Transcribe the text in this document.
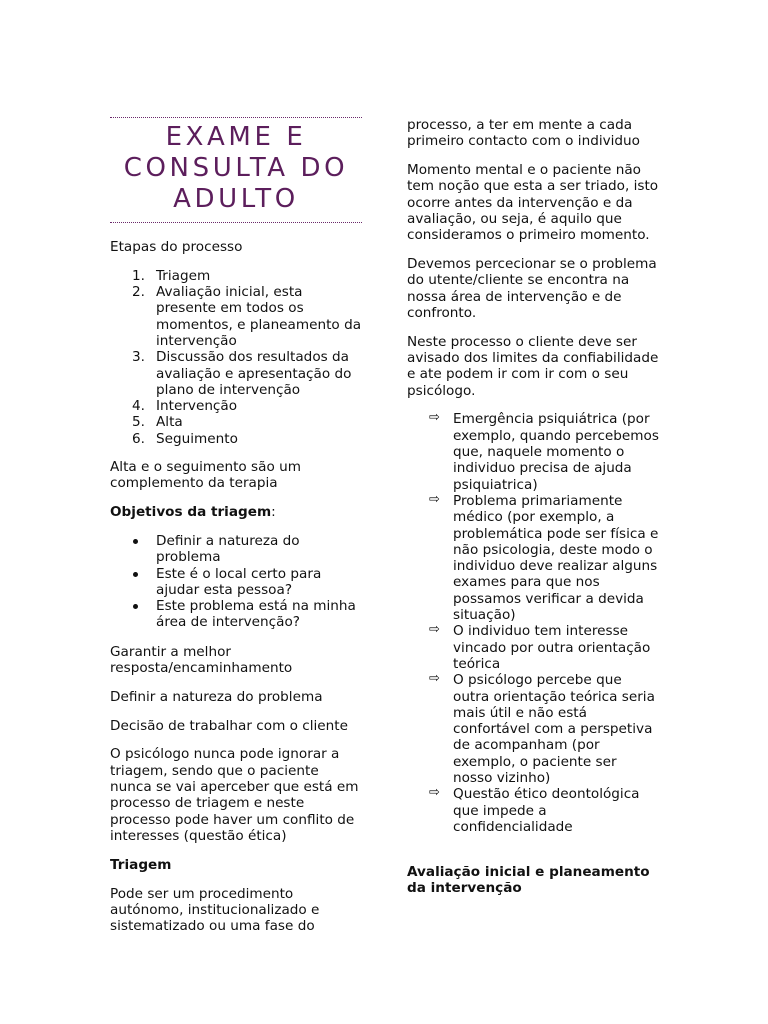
EXAME E
CONSULTA DO
ADULTO

Etapas do processo

1. Triagem
2. Avaliação inicial, esta presente em todos os momentos, e planeamento da intervenção
3. Discussão dos resultados da avaliação e apresentação do plano de intervenção
4. Intervenção
5. Alta
6. Seguimento

Alta e o seguimento são um complemento da terapia

Objetivos da triagem:

Definir a natureza do problema
Este é o local certo para ajudar esta pessoa?
Este problema está na minha área de intervenção?

Garantir a melhor resposta/encaminhamento

Definir a natureza do problema

Decisão de trabalhar com o cliente

O psicólogo nunca pode ignorar a triagem, sendo que o paciente nunca se vai aperceber que está em processo de triagem e neste processo pode haver um conflito de interesses (questão ética)

Triagem

Pode ser um procedimento autónomo, institucionalizado e sistematizado ou uma fase do

processo, a ter em mente a cada primeiro contacto com o individuo

Momento mental e o paciente não tem noção que esta a ser triado, isto ocorre antes da intervenção e da avaliação, ou seja, é aquilo que consideramos o primeiro momento.

Devemos percecionar se o problema do utente/cliente se encontra na nossa área de intervenção e de confronto.

Neste processo o cliente deve ser avisado dos limites da confiabilidade e ate podem ir com ir com o seu psicólogo.

⇨ Emergência psiquiátrica (por exemplo, quando percebemos que, naquele momento o individuo precisa de ajuda psiquiatrica)
⇨ Problema primariamente médico (por exemplo, a problemática pode ser física e não psicologia, deste modo o individuo deve realizar alguns exames para que nos possamos verificar a devida situação)
⇨ O individuo tem interesse vincado por outra orientação teórica
⇨ O psicólogo percebe que outra orientação teórica seria mais útil e não está confortável com a perspetiva de acompanham (por exemplo, o paciente ser nosso vizinho)
⇨ Questão ético deontológica que impede a confidencialidade

Avaliação inicial e planeamento da intervenção
